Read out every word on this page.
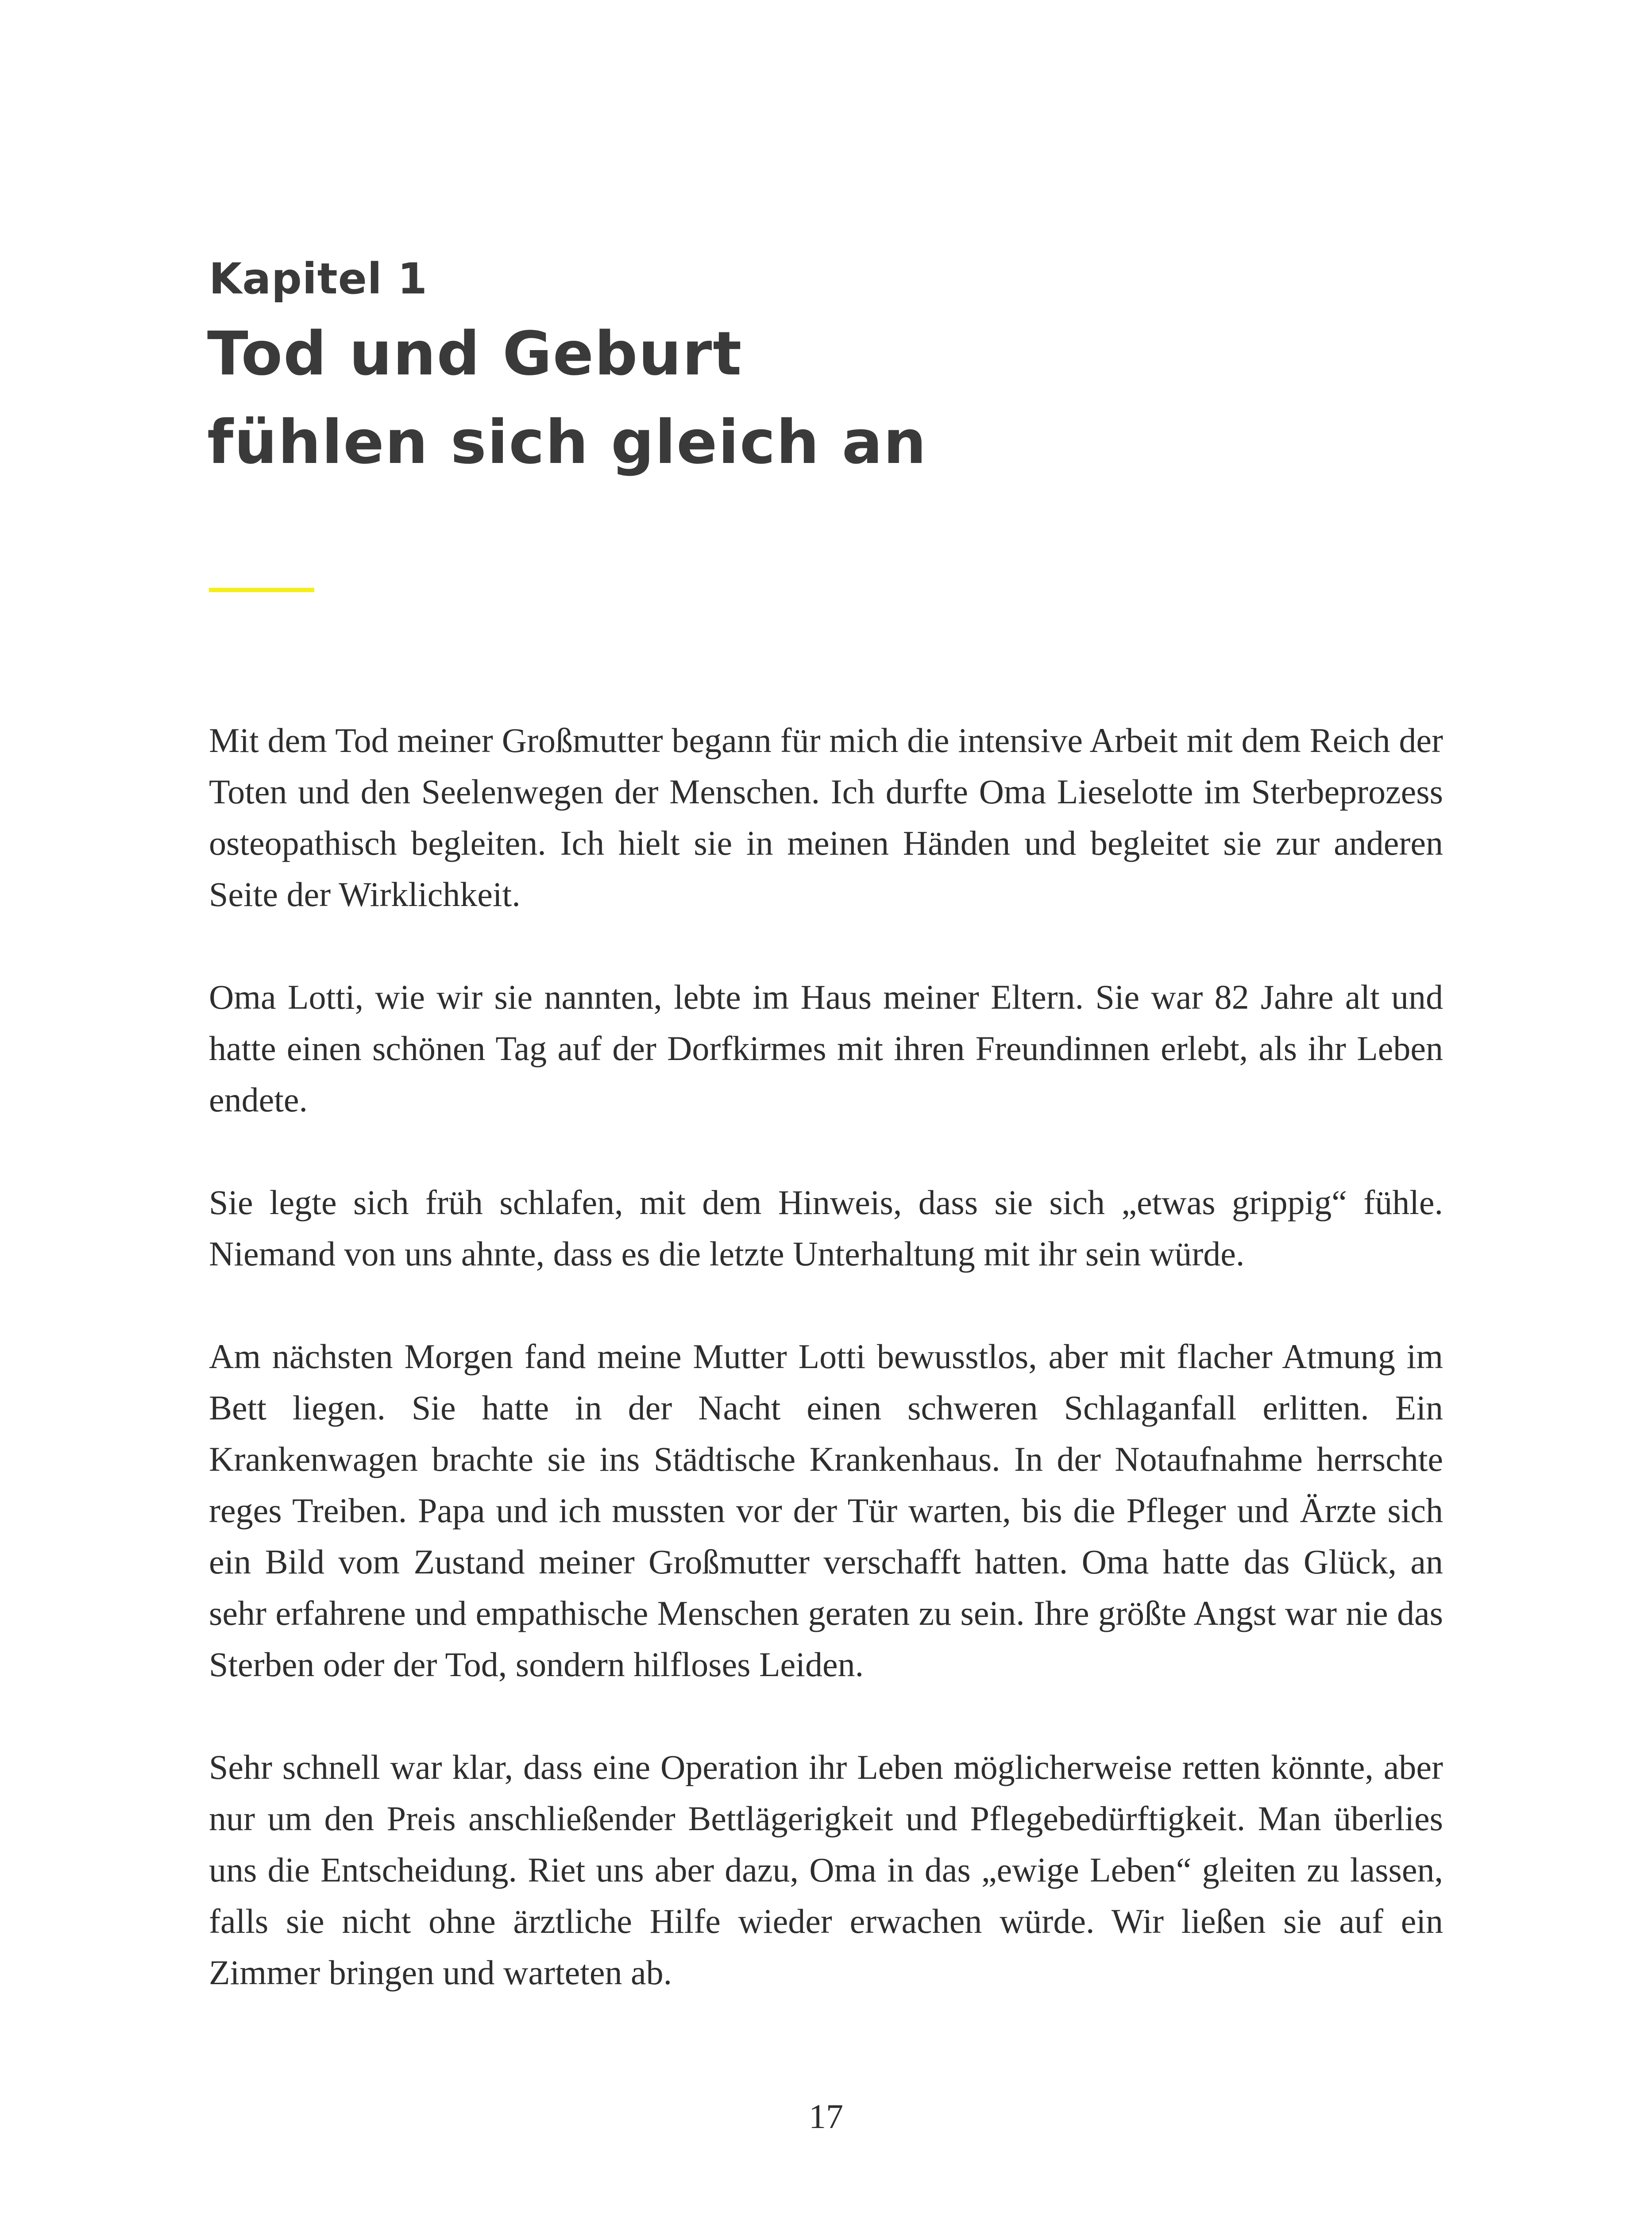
Kapitel 1
Tod und Geburt
fühlen sich gleich an

Mit dem Tod meiner Großmutter begann für mich die intensive Arbeit mit dem Reich der Toten und den Seelenwegen der Menschen. Ich durfte Oma Lieselotte im Sterbeprozess osteopathisch begleiten. Ich hielt sie in meinen Händen und begleitet sie zur anderen Seite der Wirklichkeit.

Oma Lotti, wie wir sie nannten, lebte im Haus meiner Eltern. Sie war 82 Jahre alt und hatte einen schönen Tag auf der Dorfkirmes mit ihren Freundinnen erlebt, als ihr Leben endete.

Sie legte sich früh schlafen, mit dem Hinweis, dass sie sich „etwas grippig“ fühle. Niemand von uns ahnte, dass es die letzte Unterhaltung mit ihr sein würde.

Am nächsten Morgen fand meine Mutter Lotti bewusstlos, aber mit flacher Atmung im Bett liegen. Sie hatte in der Nacht einen schweren Schlaganfall erlitten. Ein Krankenwagen brachte sie ins Städtische Krankenhaus. In der Notaufnahme herrschte reges Treiben. Papa und ich mussten vor der Tür warten, bis die Pfleger und Ärzte sich ein Bild vom Zustand meiner Großmutter verschafft hatten. Oma hatte das Glück, an sehr erfahrene und empathische Menschen geraten zu sein. Ihre größte Angst war nie das Sterben oder der Tod, sondern hilfloses Leiden.

Sehr schnell war klar, dass eine Operation ihr Leben möglicherweise retten könnte, aber nur um den Preis anschließender Bettlägerigkeit und Pflegebedürftigkeit. Man überlies uns die Entscheidung. Riet uns aber dazu, Oma in das „ewige Leben“ gleiten zu lassen, falls sie nicht ohne ärztliche Hilfe wieder erwachen würde. Wir ließen sie auf ein Zimmer bringen und warteten ab.

17
